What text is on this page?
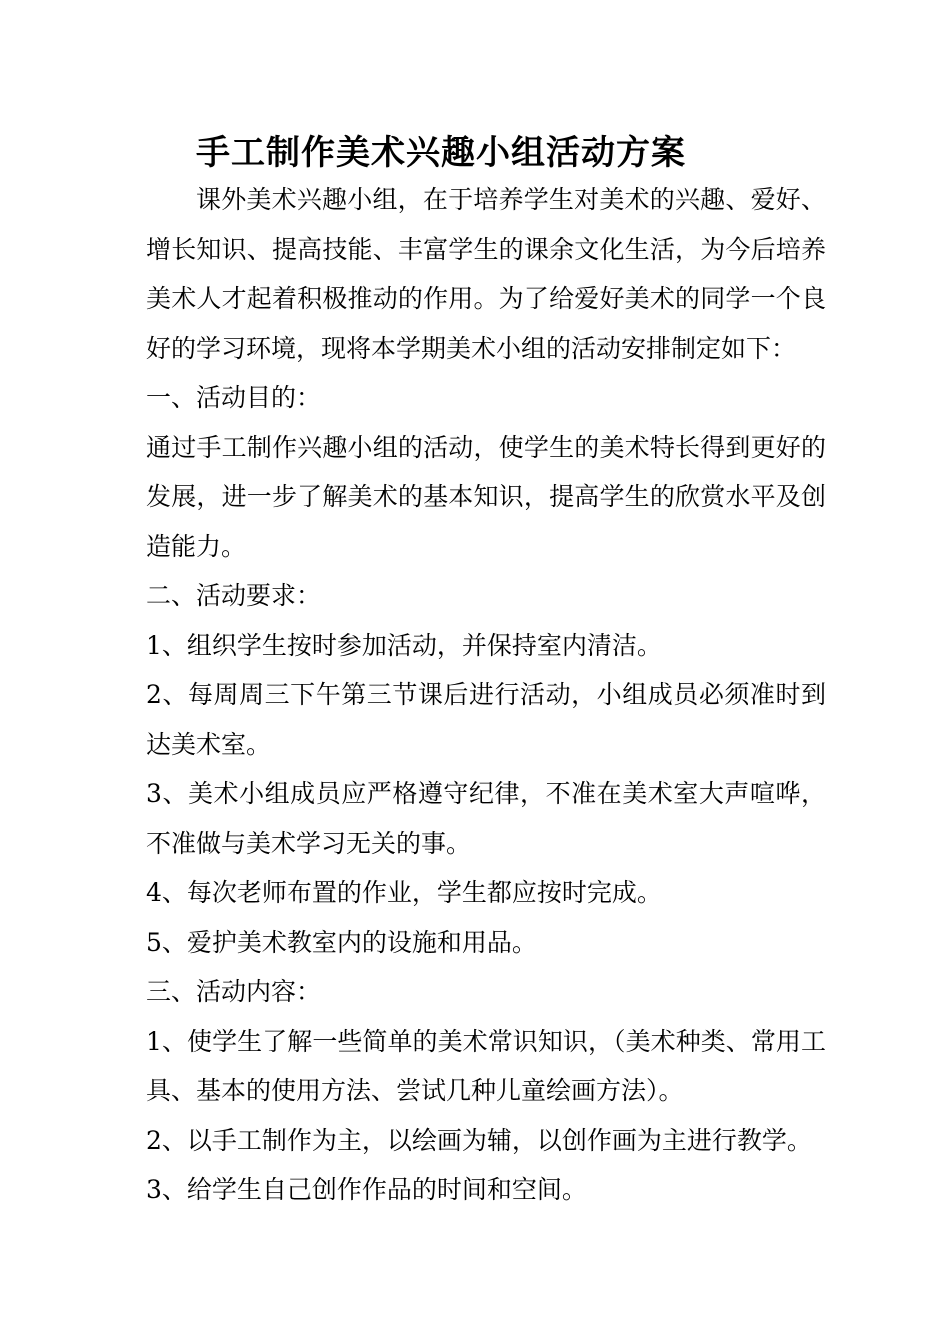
手工制作美术兴趣小组活动方案

课外美术兴趣小组，在于培养学生对美术的兴趣、爱好、增长知识、提高技能、丰富学生的课余文化生活，为今后培养美术人才起着积极推动的作用。为了给爱好美术的同学一个良好的学习环境，现将本学期美术小组的活动安排制定如下：

一、活动目的：

通过手工制作兴趣小组的活动，使学生的美术特长得到更好的发展，进一步了解美术的基本知识，提高学生的欣赏水平及创造能力。

二、活动要求：

1、组织学生按时参加活动，并保持室内清洁。

2、每周周三下午第三节课后进行活动，小组成员必须准时到达美术室。

3、美术小组成员应严格遵守纪律，不准在美术室大声喧哗，不准做与美术学习无关的事。

4、每次老师布置的作业，学生都应按时完成。

5、爱护美术教室内的设施和用品。

三、活动内容：

1、使学生了解一些简单的美术常识知识，（美术种类、常用工具、基本的使用方法、尝试几种儿童绘画方法）。

2、以手工制作为主，以绘画为辅，以创作画为主进行教学。

3、给学生自己创作作品的时间和空间。
